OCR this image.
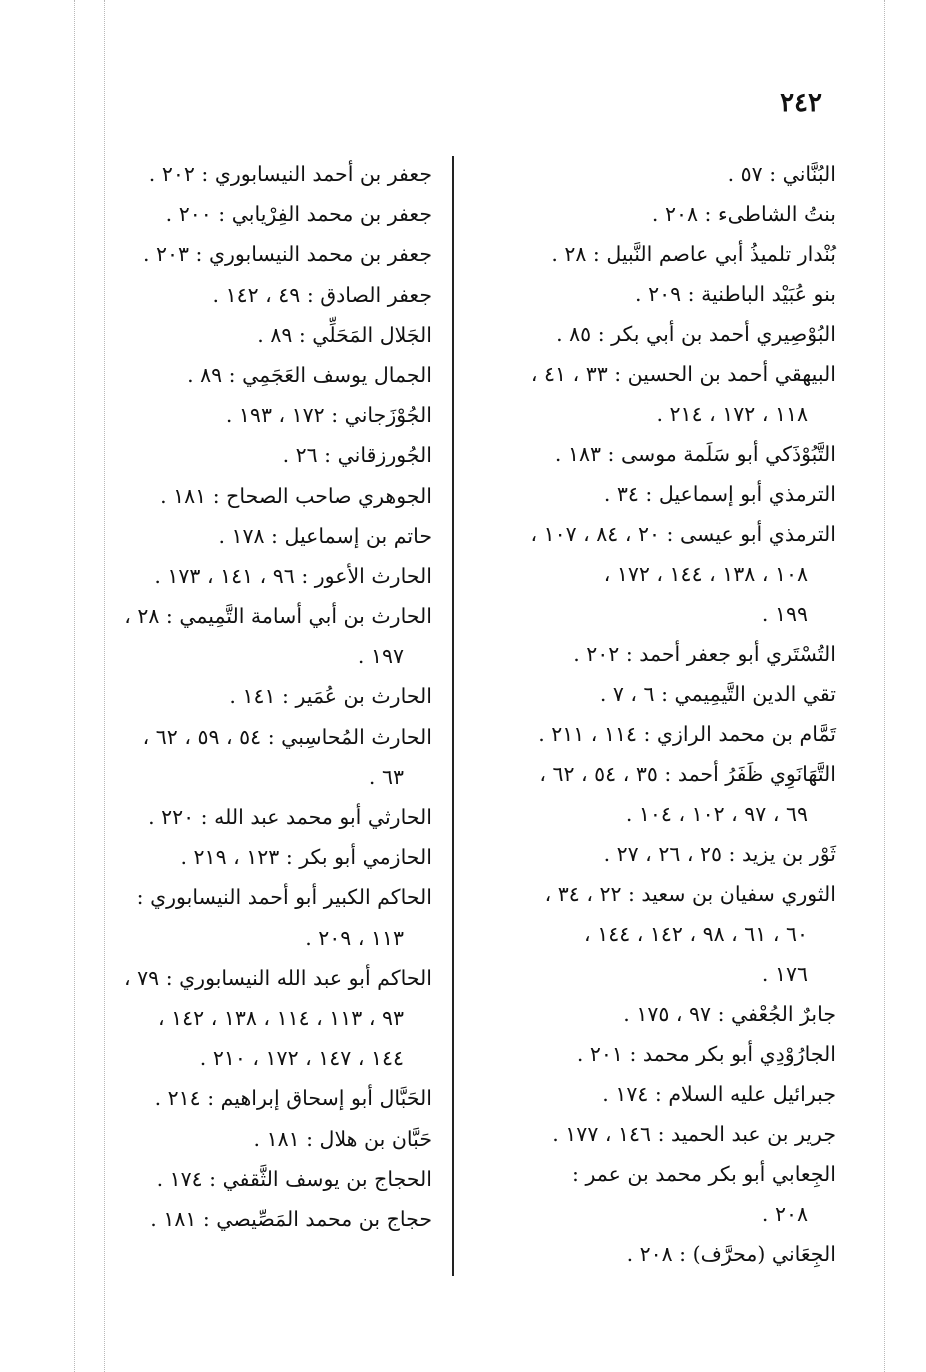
٢٤٢
البُنَّاني : ٥٧ .
بنتُ الشاطىء : ٢٠٨ .
بُنْدار تلميذُ أبي عاصم النَّبيل : ٢٨ .
بنو عُبَيْد الباطنية : ٢٠٩ .
البُوْصِيري أحمد بن أبي بكر : ٨٥ .
البيهقي أحمد بن الحسين : ٣٣ ، ٤١ ،
١١٨ ، ١٧٢ ، ٢١٤ .
التَّبُوْذَكي أبو سَلَمة موسى : ١٨٣ .
الترمذي أبو إسماعيل : ٣٤ .
الترمذي أبو عيسى : ٢٠ ، ٨٤ ، ١٠٧ ،
١٠٨ ، ١٣٨ ، ١٤٤ ، ١٧٢ ،
١٩٩ .
التُسْتَري أبو جعفر أحمد : ٢٠٢ .
تقي الدين التَّيمِيمي : ٦ ، ٧ .
تَمَّام بن محمد الرازي : ١١٤ ، ٢١١ .
التَّهَانَوِي ظَفَرُ أحمد : ٣٥ ، ٥٤ ، ٦٢ ،
٦٩ ، ٩٧ ، ١٠٢ ، ١٠٤ .
ثَوْر بن يزيد : ٢٥ ، ٢٦ ، ٢٧ .
الثوري سفيان بن سعيد : ٢٢ ، ٣٤ ،
٦٠ ، ٦١ ، ٩٨ ، ١٤٢ ، ١٤٤ ،
١٧٦ .
جابرٌ الجُعْفي : ٩٧ ، ١٧٥ .
الجارُوْدِي أبو بكر محمد : ٢٠١ .
جبرائيل عليه السلام : ١٧٤ .
جرير بن عبد الحميد : ١٤٦ ، ١٧٧ .
الجِعابي أبو بكر محمد بن عمر :
٢٠٨ .
الجِعَاني (محرَّف) : ٢٠٨ .
جعفر بن أحمد النيسابوري : ٢٠٢ .
جعفر بن محمد الفِرْيابي : ٢٠٠ .
جعفر بن محمد النيسابوري : ٢٠٣ .
جعفر الصادق : ٤٩ ، ١٤٢ .
الجَلال المَحَلِّي : ٨٩ .
الجمال يوسف العَجَمِي : ٨٩ .
الجُوْزَجاني : ١٧٢ ، ١٩٣ .
الجُورزقاني : ٢٦ .
الجوهري صاحب الصحاح : ١٨١ .
حاتم بن إسماعيل : ١٧٨ .
الحارث الأعور : ٩٦ ، ١٤١ ، ١٧٣ .
الحارث بن أبي أسامة التَّمِيمي : ٢٨ ،
١٩٧ .
الحارث بن عُمَير : ١٤١ .
الحارث المُحاسِبي : ٥٤ ، ٥٩ ، ٦٢ ،
٦٣ .
الحارثي أبو محمد عبد الله : ٢٢٠ .
الحازمي أبو بكر : ١٢٣ ، ٢١٩ .
الحاكم الكبير أبو أحمد النيسابوري :
١١٣ ، ٢٠٩ .
الحاكم أبو عبد الله النيسابوري : ٧٩ ،
٩٣ ، ١١٣ ، ١١٤ ، ١٣٨ ، ١٤٢ ،
١٤٤ ، ١٤٧ ، ١٧٢ ، ٢١٠ .
الحَبَّال أبو إسحاق إبراهيم : ٢١٤ .
حَبَّان بن هلال : ١٨١ .
الحجاج بن يوسف الثَّقفي : ١٧٤ .
حجاج بن محمد المَصِّيصي : ١٨١ .
